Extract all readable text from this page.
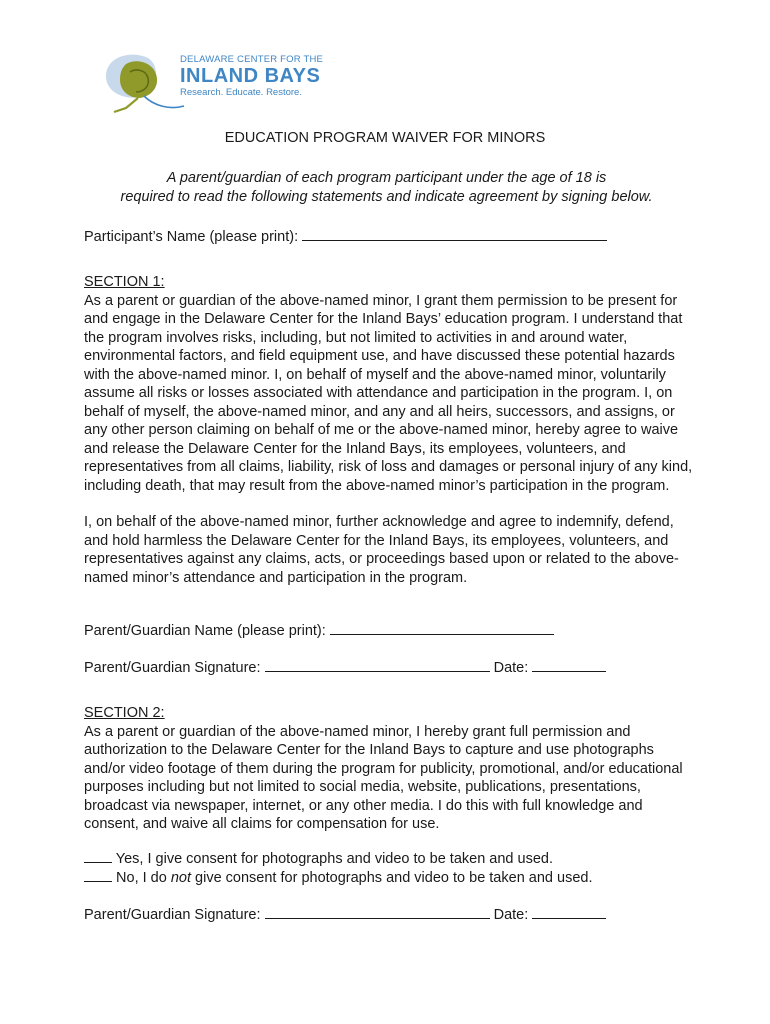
DELAWARE CENTER FOR THE
INLAND BAYS
Research. Educate. Restore.
EDUCATION PROGRAM WAIVER FOR MINORS
A parent/guardian of each program participant under the age of 18 is
required to read the following statements and indicate agreement by signing below.
Participant’s Name (please print):
SECTION 1:
As a parent or guardian of the above-named minor, I grant them permission to be present for and engage in the Delaware Center for the Inland Bays’ education program. I understand that the program involves risks, including, but not limited to activities in and around water, environmental factors, and field equipment use, and have discussed these potential hazards with the above-named minor. I, on behalf of myself and the above-named minor, voluntarily assume all risks or losses associated with attendance and participation in the program. I, on behalf of myself, the above-named minor, and any and all heirs, successors, and assigns, or any other person claiming on behalf of me or the above-named minor, hereby agree to waive and release the Delaware Center for the Inland Bays, its employees, volunteers, and representatives from all claims, liability, risk of loss and damages or personal injury of any kind, including death, that may result from the above-named minor’s participation in the program.
I, on behalf of the above-named minor, further acknowledge and agree to indemnify, defend, and hold harmless the Delaware Center for the Inland Bays, its employees, volunteers, and representatives against any claims, acts, or proceedings based upon or related to the above-named minor’s attendance and participation in the program.
Parent/Guardian Name (please print):
Parent/Guardian Signature:	Date:
SECTION 2:
As a parent or guardian of the above-named minor, I hereby grant full permission and authorization to the Delaware Center for the Inland Bays to capture and use photographs and/or video footage of them during the program for publicity, promotional, and/or educational purposes including but not limited to social media, website, publications, presentations, broadcast via newspaper, internet, or any other media. I do this with full knowledge and consent, and waive all claims for compensation for use.
Yes, I give consent for photographs and video to be taken and used.
No, I do not give consent for photographs and video to be taken and used.
Parent/Guardian Signature:	Date:
